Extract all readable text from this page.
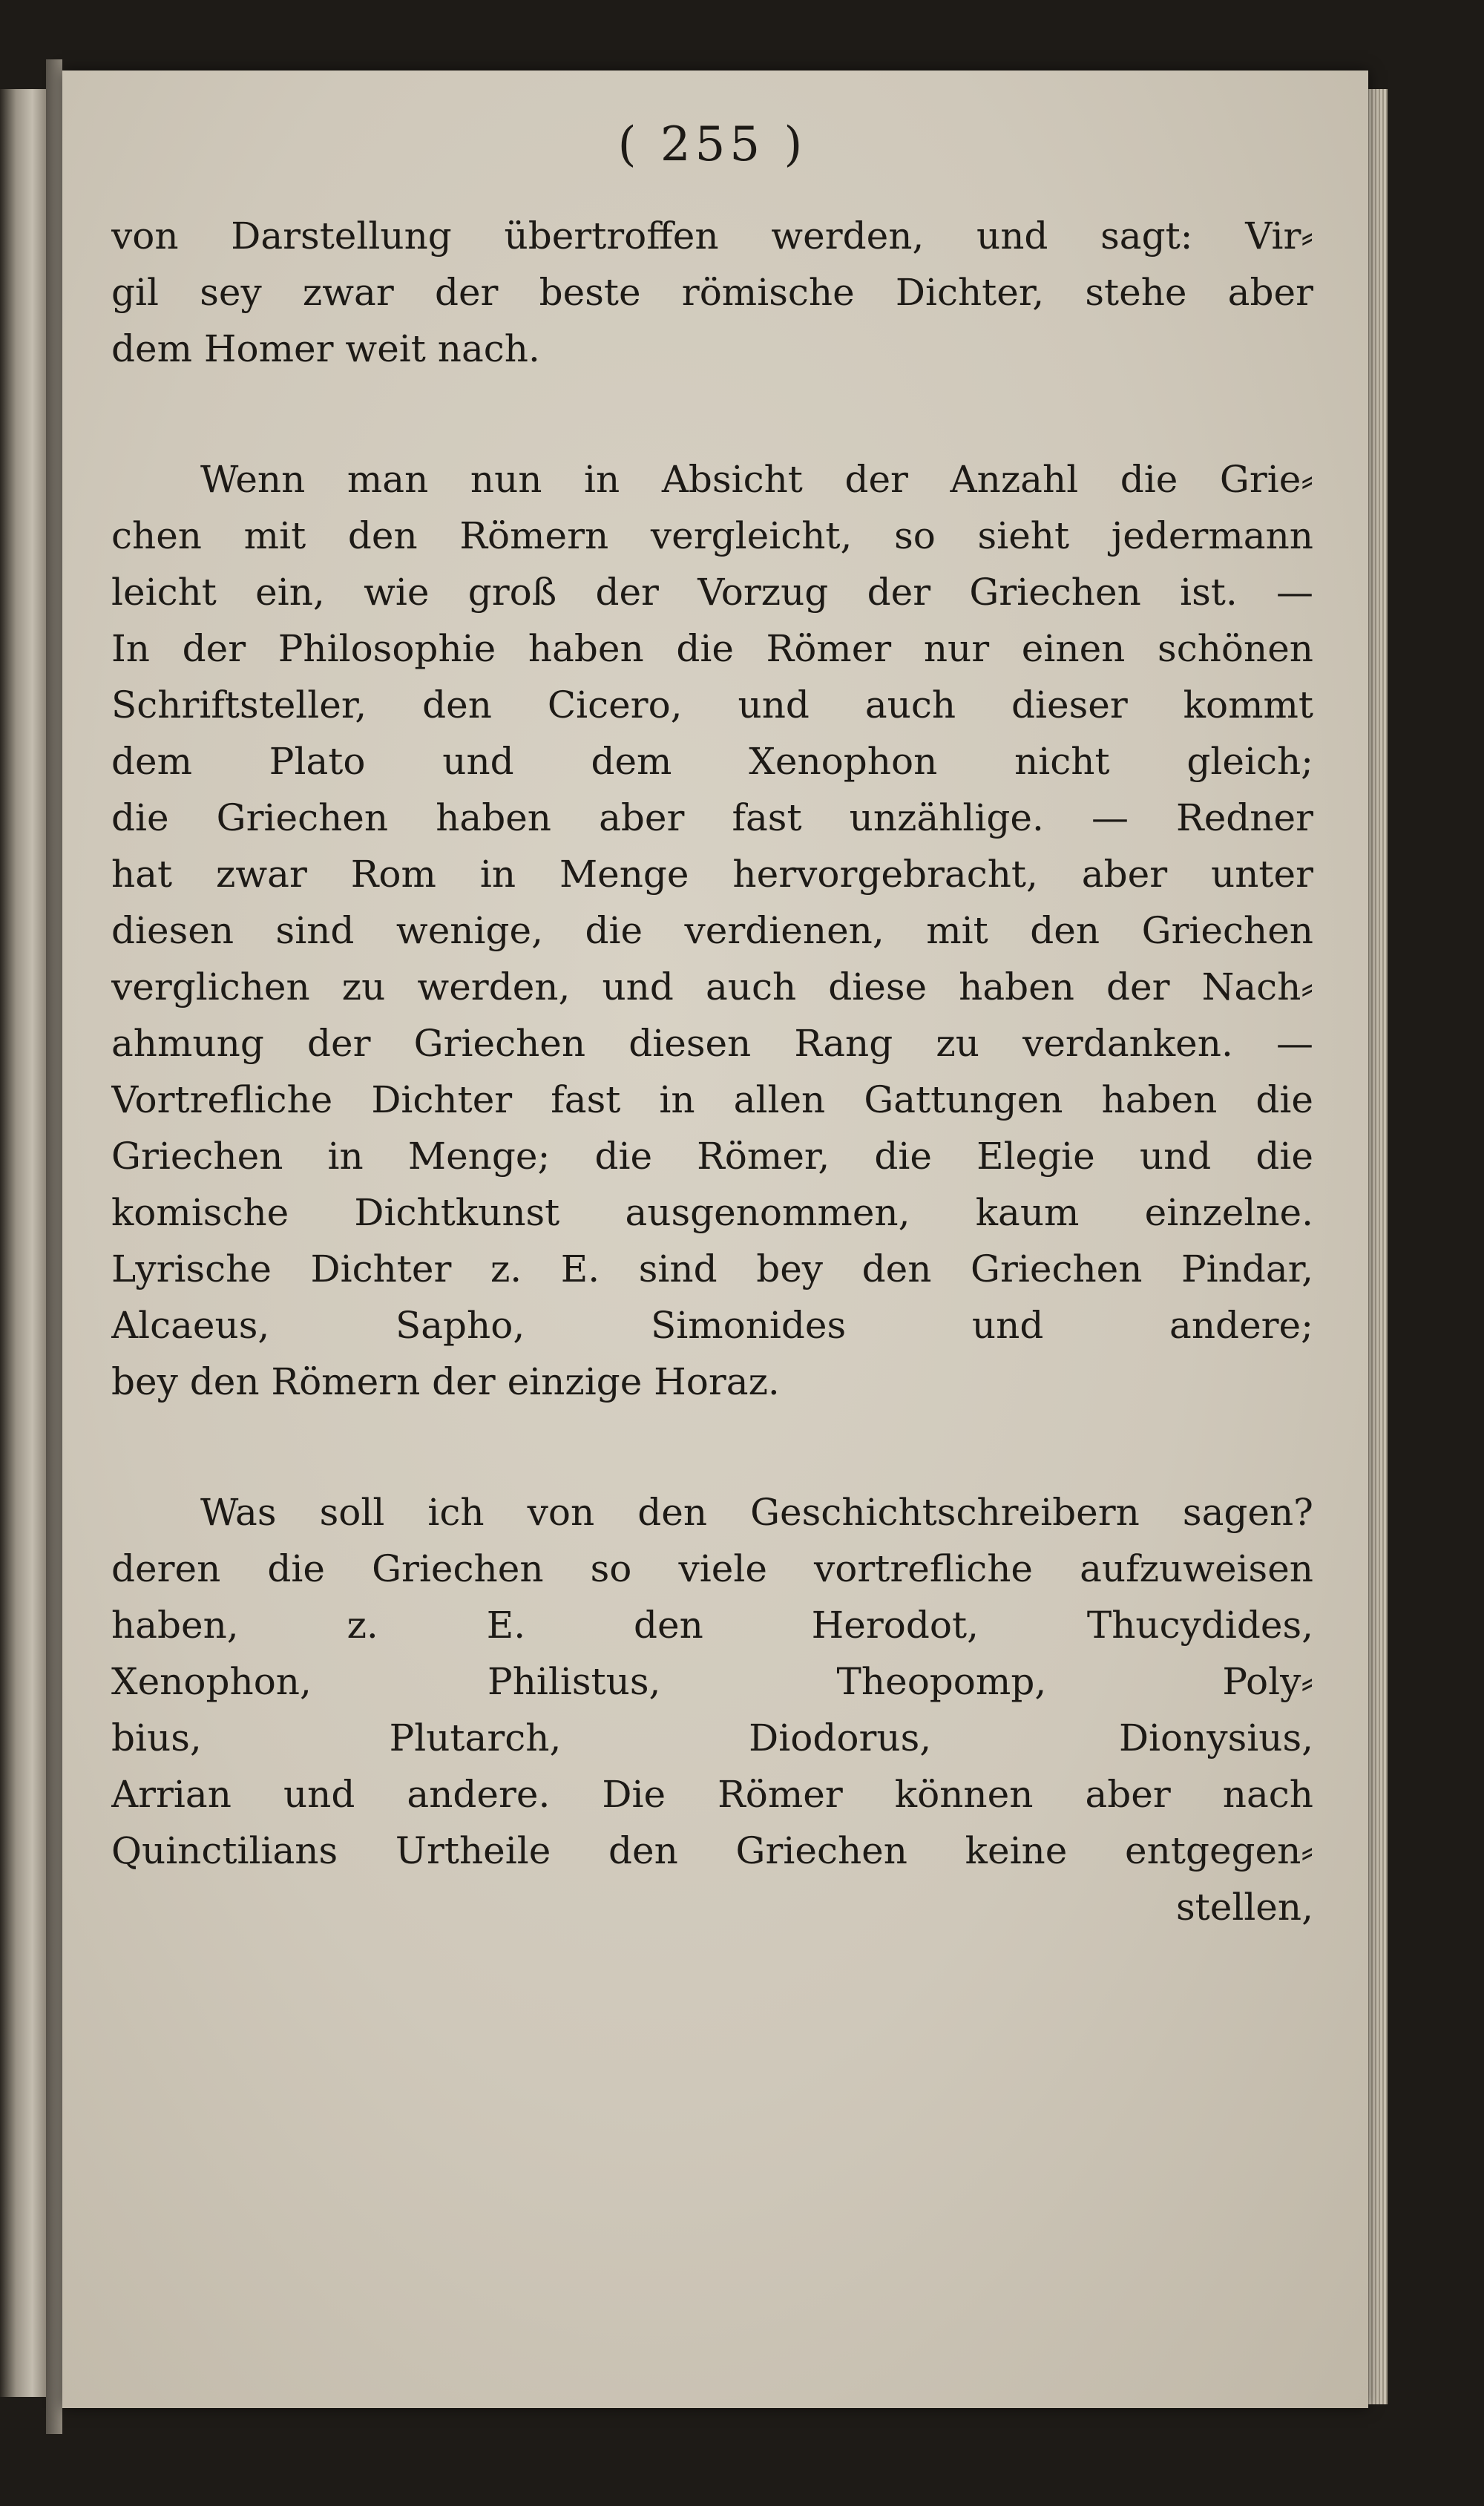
( 255 )
von Darstellung übertroffen werden, und sagt: Vir⸗
gil sey zwar der beste römische Dichter, stehe aber
dem Homer weit nach.
Wenn man nun in Absicht der Anzahl die Grie⸗
chen mit den Römern vergleicht, so sieht jedermann
leicht ein, wie groß der Vorzug der Griechen ist. —
In der Philosophie haben die Römer nur einen schönen
Schriftsteller, den Cicero, und auch dieser kommt
dem Plato und dem Xenophon nicht gleich;
die Griechen haben aber fast unzählige. — Redner
hat zwar Rom in Menge hervorgebracht, aber unter
diesen sind wenige, die verdienen, mit den Griechen
verglichen zu werden, und auch diese haben der Nach⸗
ahmung der Griechen diesen Rang zu verdanken. —
Vortrefliche Dichter fast in allen Gattungen haben die
Griechen in Menge; die Römer, die Elegie und die
komische Dichtkunst ausgenommen, kaum einzelne.
Lyrische Dichter z. E. sind bey den Griechen Pindar,
Alcaeus, Sapho, Simonides und andere;
bey den Römern der einzige Horaz.
Was soll ich von den Geschichtschreibern sagen?
deren die Griechen so viele vortrefliche aufzuweisen
haben, z. E. den Herodot, Thucydides,
Xenophon, Philistus, Theopomp, Poly⸗
bius, Plutarch, Diodorus, Dionysius,
Arrian und andere. Die Römer können aber nach
Quinctilians Urtheile den Griechen keine entgegen⸗
stellen,
